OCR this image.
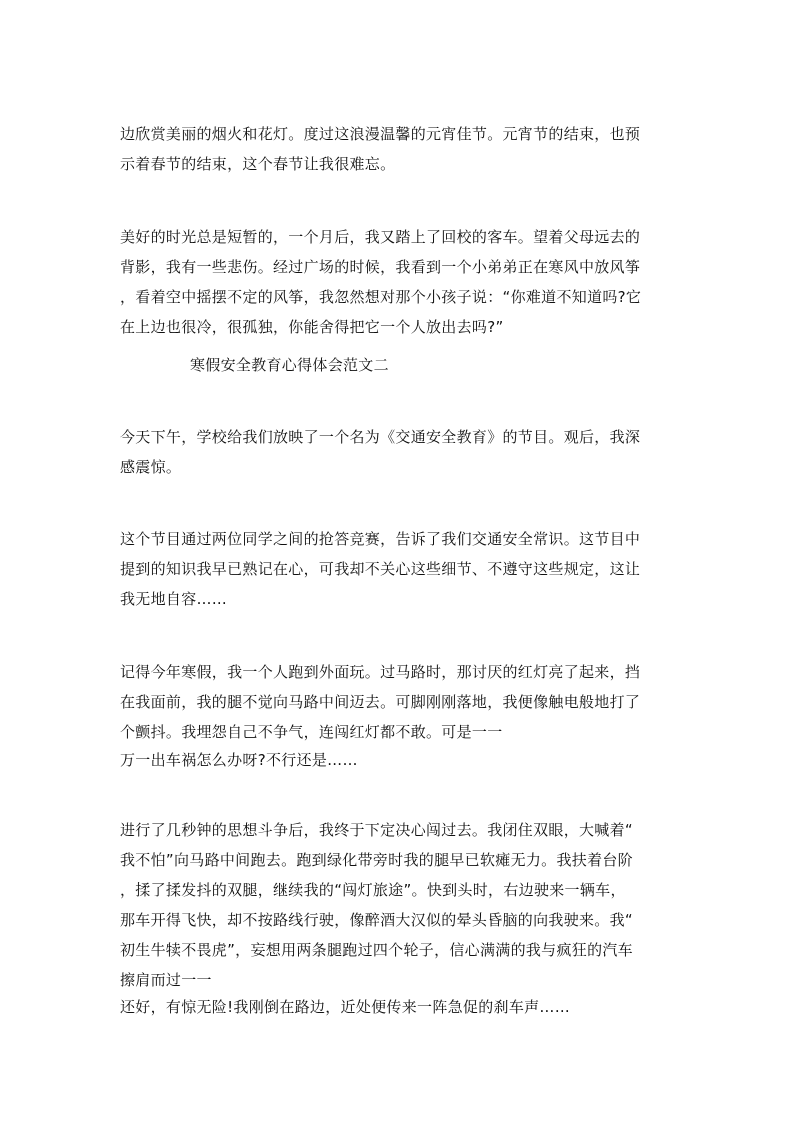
边欣赏美丽的烟火和花灯。度过这浪漫温馨的元宵佳节。元宵节的结束，也预
示着春节的结束，这个春节让我很难忘。
美好的时光总是短暂的，一个月后，我又踏上了回校的客车。望着父母远去的
背影，我有一些悲伤。经过广场的时候，我看到一个小弟弟正在寒风中放风筝
，看着空中摇摆不定的风筝，我忽然想对那个小孩子说：“你难道不知道吗?它
在上边也很冷，很孤独，你能舍得把它一个人放出去吗?”
寒假安全教育心得体会范文二
今天下午，学校给我们放映了一个名为《交通安全教育》的节目。观后，我深
感震惊。
这个节目通过两位同学之间的抢答竞赛，告诉了我们交通安全常识。这节目中
提到的知识我早已熟记在心，可我却不关心这些细节、不遵守这些规定，这让
我无地自容……
记得今年寒假，我一个人跑到外面玩。过马路时，那讨厌的红灯亮了起来，挡
在我面前，我的腿不觉向马路中间迈去。可脚刚刚落地，我便像触电般地打了
个颤抖。我埋怨自己不争气，连闯红灯都不敢。可是一一
万一出车祸怎么办呀?不行还是……
进行了几秒钟的思想斗争后，我终于下定决心闯过去。我闭住双眼，大喊着“
我不怕”向马路中间跑去。跑到绿化带旁时我的腿早已软瘫无力。我扶着台阶
，揉了揉发抖的双腿，继续我的“闯灯旅途”。快到头时，右边驶来一辆车，
那车开得飞快，却不按路线行驶，像醉酒大汉似的晕头昏脑的向我驶来。我“
初生牛犊不畏虎”，妄想用两条腿跑过四个轮子，信心满满的我与疯狂的汽车
擦肩而过一一
还好，有惊无险!我刚倒在路边，近处便传来一阵急促的刹车声……
